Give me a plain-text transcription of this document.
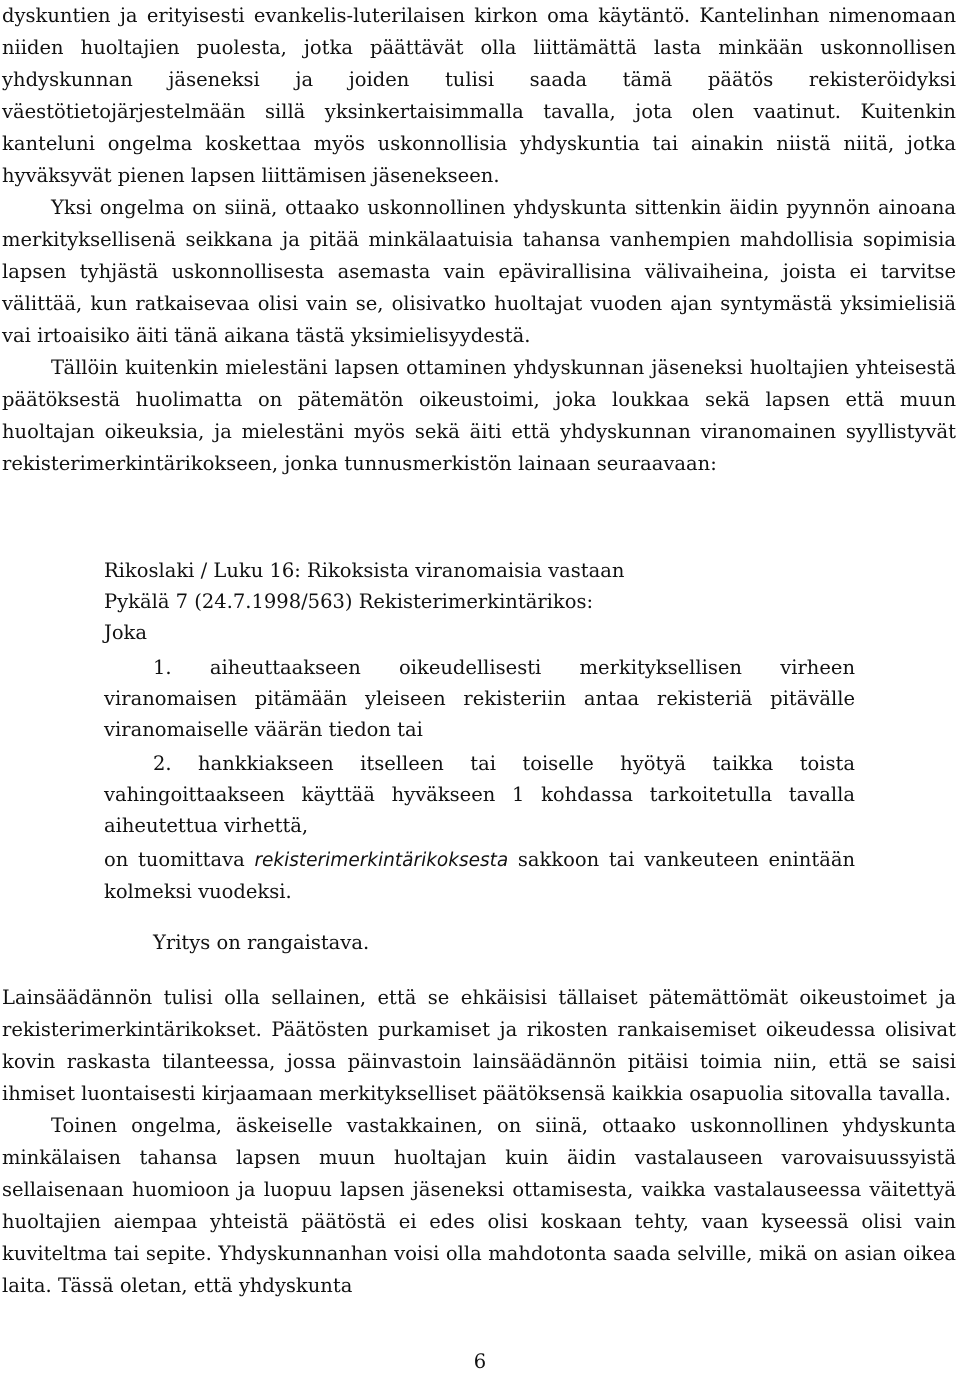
dyskuntien ja erityisesti evankelis-luterilaisen kirkon oma käytäntö. Kantelinhan nimenomaan niiden huoltajien puolesta, jotka päättävät olla liittämättä lasta minkään uskonnollisen yhdyskunnan jäseneksi ja joiden tulisi saada tämä päätös rekisteröidyksi väestötietojärjestelmään sillä yksinkertaisimmalla tavalla, jota olen vaatinut. Kuitenkin kanteluni ongelma koskettaa myös uskonnollisia yhdyskuntia tai ainakin niistä niitä, jotka hyväksyvät pienen lapsen liittämisen jäsenekseen.

Yksi ongelma on siinä, ottaako uskonnollinen yhdyskunta sittenkin äidin pyynnön ainoana merkityksellisenä seikkana ja pitää minkälaatuisia tahansa vanhempien mahdollisia sopimisia lapsen tyhjästä uskonnollisesta asemasta vain epävirallisina välivaiheina, joista ei tarvitse välittää, kun ratkaisevaa olisi vain se, olisivatko huoltajat vuoden ajan syntymästä yksimielisiä vai irtoaisiko äiti tänä aikana tästä yksimielisyydestä.

Tällöin kuitenkin mielestäni lapsen ottaminen yhdyskunnan jäseneksi huoltajien yhteisestä päätöksestä huolimatta on pätemätön oikeustoimi, joka loukkaa sekä lapsen että muun huoltajan oikeuksia, ja mielestäni myös sekä äiti että yhdyskunnan viranomainen syyllistyvät rekisterimerkintärikokseen, jonka tunnusmerkistön lainaan seuraavaan:

Rikoslaki / Luku 16: Rikoksista viranomaisia vastaan

Pykälä 7 (24.7.1998/563) Rekisterimerkintärikos:

Joka

1. aiheuttaakseen oikeudellisesti merkityksellisen virheen viranomaisen pitämään yleiseen rekisteriin antaa rekisteriä pitävälle viranomaiselle väärän tiedon tai

2. hankkiakseen itselleen tai toiselle hyötyä taikka toista vahingoittaakseen käyttää hyväkseen 1 kohdassa tarkoitetulla tavalla aiheutettua virhettä,

on tuomittava rekisterimerkintärikoksesta sakkoon tai vankeuteen enintään kolmeksi vuodeksi.

Yritys on rangaistava.

Lainsäädännön tulisi olla sellainen, että se ehkäisisi tällaiset pätemättömät oikeustoimet ja rekisterimerkintärikokset. Päätösten purkamiset ja rikosten rankaisemiset oikeudessa olisivat kovin raskasta tilanteessa, jossa päinvastoin lainsäädännön pitäisi toimia niin, että se saisi ihmiset luontaisesti kirjaamaan merkitykselliset päätöksensä kaikkia osapuolia sitovalla tavalla.

Toinen ongelma, äskeiselle vastakkainen, on siinä, ottaako uskonnollinen yhdyskunta minkälaisen tahansa lapsen muun huoltajan kuin äidin vastalauseen varovaisuussyistä sellaisenaan huomioon ja luopuu lapsen jäseneksi ottamisesta, vaikka vastalauseessa väitettyä huoltajien aiempaa yhteistä päätöstä ei edes olisi koskaan tehty, vaan kyseessä olisi vain kuviteltma tai sepite. Yhdyskunnanhan voisi olla mahdotonta saada selville, mikä on asian oikea laita. Tässä oletan, että yhdyskunta

6
